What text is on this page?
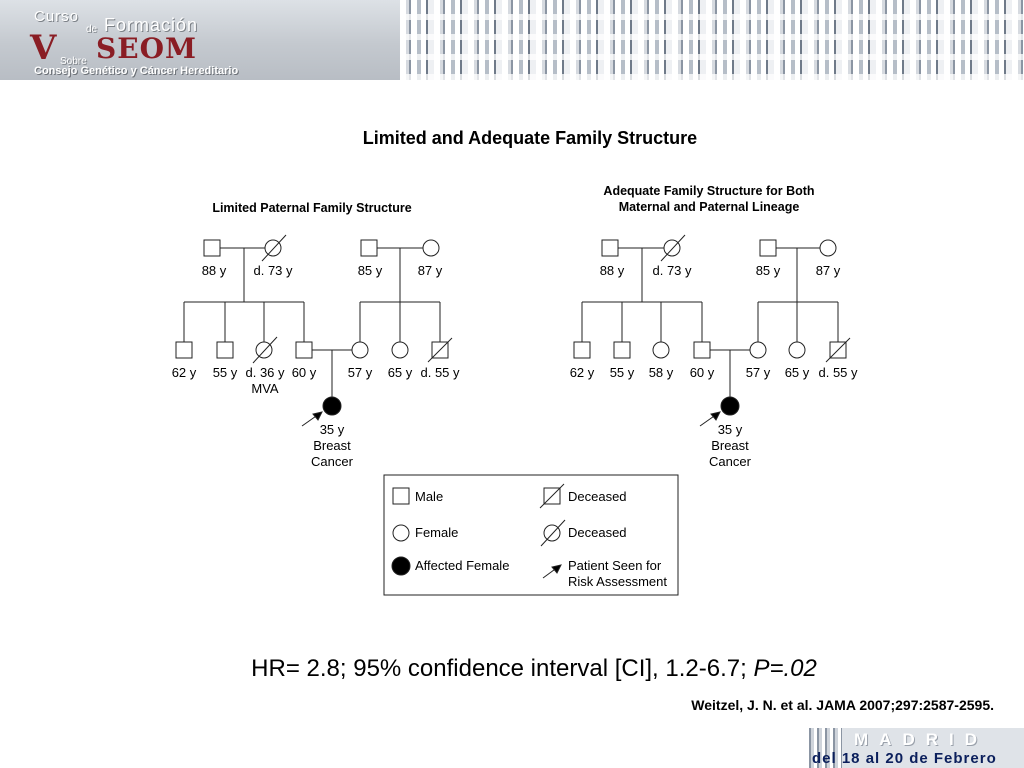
Curso
de Formación
V SEOM
Sobre
Consejo Genético y Cáncer Hereditario
Limited and Adequate Family Structure
Limited Paternal Family Structure
88 y d. 73 y	85 y	87 y
62 y 55 y d. 36 y 60 y 57 y 65 y d. 55 y
MVA
35 y
Breast
Cancer
Adequate Family Structure for Both
Maternal and Paternal Lineage
88 y d. 73 y	85 y	87 y
62 y 55 y 58 y 60 y 57 y 65 y d. 55 y
35 y
Breast
Cancer
Male
Female
Affected Female
Deceased
Deceased
Patient Seen for
Risk Assessment
HR= 2.8; 95% confidence interval [CI], 1.2-6.7; P=.02
Weitzel, J. N. et al. JAMA 2007;297:2587-2595.
MADRID
del 18 al 20 de Febrero
